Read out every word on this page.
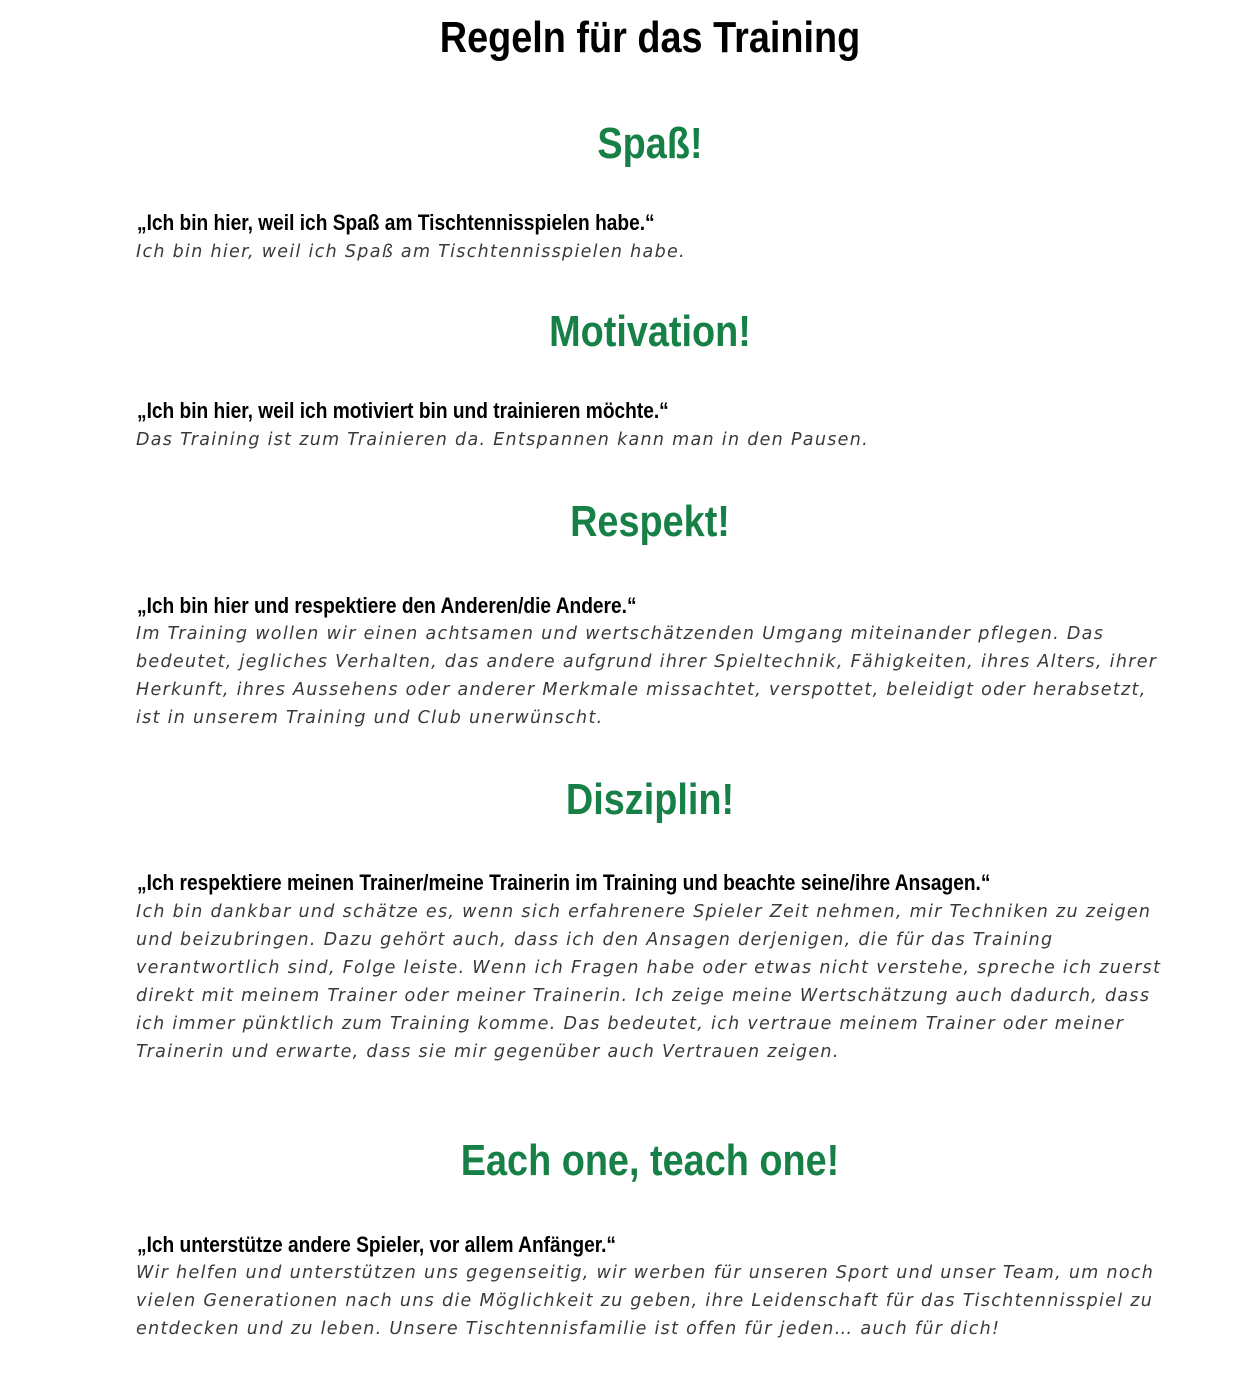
Regeln für das Training
Spaß!

„Ich bin hier, weil ich Spaß am Tischtennisspielen habe.“

Ich bin hier, weil ich Spaß am Tischtennisspielen habe.

Motivation!

„Ich bin hier, weil ich motiviert bin und trainieren möchte.“

Das Training ist zum Trainieren da. Entspannen kann man in den Pausen.

Respekt!

„Ich bin hier und respektiere den Anderen/die Andere.“

Im Training wollen wir einen achtsamen und wertschätzenden Umgang miteinander pflegen. Das bedeutet, jegliches Verhalten, das andere aufgrund ihrer Spieltechnik, Fähigkeiten, ihres Alters, ihrer Herkunft, ihres Aussehens oder anderer Merkmale missachtet, verspottet, beleidigt oder herabsetzt, ist in unserem Training und Club unerwünscht.

Disziplin!

„Ich respektiere meinen Trainer/meine Trainerin im Training und beachte seine/ihre Ansagen.“

Ich bin dankbar und schätze es, wenn sich erfahrenere Spieler Zeit nehmen, mir Techniken zu zeigen und beizubringen. Dazu gehört auch, dass ich den Ansagen derjenigen, die für das Training verantwortlich sind, Folge leiste. Wenn ich Fragen habe oder etwas nicht verstehe, spreche ich zuerst direkt mit meinem Trainer oder meiner Trainerin. Ich zeige meine Wertschätzung auch dadurch, dass ich immer pünktlich zum Training komme. Das bedeutet, ich vertraue meinem Trainer oder meiner Trainerin und erwarte, dass sie mir gegenüber auch Vertrauen zeigen.

Each one, teach one!

„Ich unterstütze andere Spieler, vor allem Anfänger.“

Wir helfen und unterstützen uns gegenseitig, wir werben für unseren Sport und unser Team, um noch vielen Generationen nach uns die Möglichkeit zu geben, ihre Leidenschaft für das Tischtennisspiel zu entdecken und zu leben. Unsere Tischtennisfamilie ist offen für jeden… auch für dich!
